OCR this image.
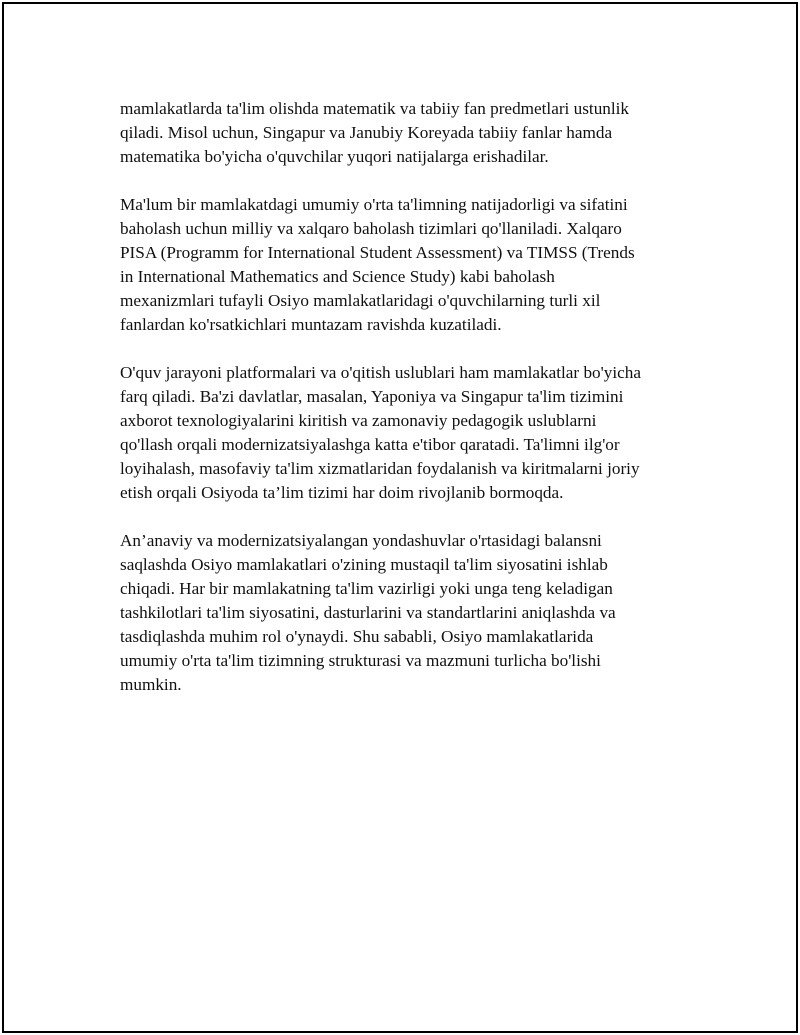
mamlakatlarda ta'lim olishda matematik va tabiiy fan predmetlari ustunlik
qiladi. Misol uchun, Singapur va Janubiy Koreyada tabiiy fanlar hamda
matematika bo'yicha o'quvchilar yuqori natijalarga erishadilar.

Ma'lum bir mamlakatdagi umumiy o'rta ta'limning natijadorligi va sifatini
baholash uchun milliy va xalqaro baholash tizimlari qo'llaniladi. Xalqaro
PISA (Programm for International Student Assessment) va TIMSS (Trends
in International Mathematics and Science Study) kabi baholash
mexanizmlari tufayli Osiyo mamlakatlaridagi o'quvchilarning turli xil
fanlardan ko'rsatkichlari muntazam ravishda kuzatiladi.

O'quv jarayoni platformalari va o'qitish uslublari ham mamlakatlar bo'yicha
farq qiladi. Ba'zi davlatlar, masalan, Yaponiya va Singapur ta'lim tizimini
axborot texnologiyalarini kiritish va zamonaviy pedagogik uslublarni
qo'llash orqali modernizatsiyalashga katta e'tibor qaratadi. Ta'limni ilg'or
loyihalash, masofaviy ta'lim xizmatlaridan foydalanish va kiritmalarni joriy
etish orqali Osiyoda ta’lim tizimi har doim rivojlanib bormoqda.

An’anaviy va modernizatsiyalangan yondashuvlar o'rtasidagi balansni
saqlashda Osiyo mamlakatlari o'zining mustaqil ta'lim siyosatini ishlab
chiqadi. Har bir mamlakatning ta'lim vazirligi yoki unga teng keladigan
tashkilotlari ta'lim siyosatini, dasturlarini va standartlarini aniqlashda va
tasdiqlashda muhim rol o'ynaydi. Shu sababli, Osiyo mamlakatlarida
umumiy o'rta ta'lim tizimning strukturasi va mazmuni turlicha bo'lishi
mumkin.
